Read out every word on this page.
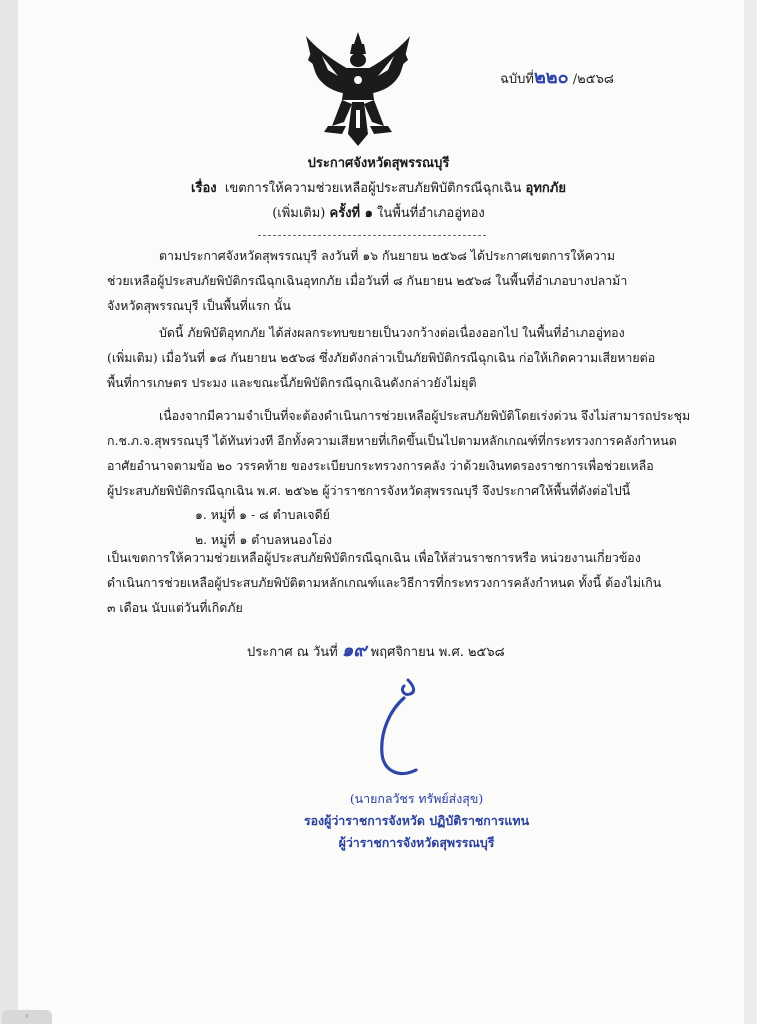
ฉบับที่๒๒๐ /๒๕๖๘
ประกาศจังหวัดสุพรรณบุรี
เรื่อง เขตการให้ความช่วยเหลือผู้ประสบภัยพิบัติกรณีฉุกเฉิน อุทกภัย
(เพิ่มเติม) ครั้งที่ ๑ ในพื้นที่อำเภออู่ทอง
ตามประกาศจังหวัดสุพรรณบุรี ลงวันที่ ๑๖ กันยายน ๒๕๖๘ ได้ประกาศเขตการให้ความ
ช่วยเหลือผู้ประสบภัยพิบัติกรณีฉุกเฉินอุทกภัย เมื่อวันที่ ๘ กันยายน ๒๕๖๘ ในพื้นที่อำเภอบางปลาม้า
จังหวัดสุพรรณบุรี เป็นพื้นที่แรก นั้น
บัดนี้ ภัยพิบัติอุทกภัย ได้ส่งผลกระทบขยายเป็นวงกว้างต่อเนื่องออกไป ในพื้นที่อำเภออู่ทอง
(เพิ่มเติม) เมื่อวันที่ ๑๘ กันยายน ๒๕๖๘ ซึ่งภัยดังกล่าวเป็นภัยพิบัติกรณีฉุกเฉิน ก่อให้เกิดความเสียหายต่อ
พื้นที่การเกษตร ประมง และขณะนี้ภัยพิบัติกรณีฉุกเฉินดังกล่าวยังไม่ยุติ
เนื่องจากมีความจำเป็นที่จะต้องดำเนินการช่วยเหลือผู้ประสบภัยพิบัติโดยเร่งด่วน จึงไม่สามารถประชุม
ก.ช.ภ.จ.สุพรรณบุรี ได้ทันท่วงที อีกทั้งความเสียหายที่เกิดขึ้นเป็นไปตามหลักเกณฑ์ที่กระทรวงการคลังกำหนด
อาศัยอำนาจตามข้อ ๒๐ วรรคท้าย ของระเบียบกระทรวงการคลัง ว่าด้วยเงินทดรองราชการเพื่อช่วยเหลือ
ผู้ประสบภัยพิบัติกรณีฉุกเฉิน พ.ศ. ๒๕๖๒ ผู้ว่าราชการจังหวัดสุพรรณบุรี จึงประกาศให้พื้นที่ดังต่อไปนี้
๑. หมู่ที่ ๑ - ๘ ตำบลเจดีย์
๒. หมู่ที่ ๑ ตำบลหนองโอ่ง
เป็นเขตการให้ความช่วยเหลือผู้ประสบภัยพิบัติกรณีฉุกเฉิน เพื่อให้ส่วนราชการหรือ หน่วยงานเกี่ยวข้อง
ดำเนินการช่วยเหลือผู้ประสบภัยพิบัติตามหลักเกณฑ์และวิธีการที่กระทรวงการคลังกำหนด ทั้งนี้ ต้องไม่เกิน
๓ เดือน นับแต่วันที่เกิดภัย
ประกาศ ณ วันที่ ๑๙ พฤศจิกายน พ.ศ. ๒๕๖๘
(นายกลวัชร ทรัพย์ส่งสุข)
รองผู้ว่าราชการจังหวัด ปฏิบัติราชการแทน
ผู้ว่าราชการจังหวัดสุพรรณบุรี
‹
